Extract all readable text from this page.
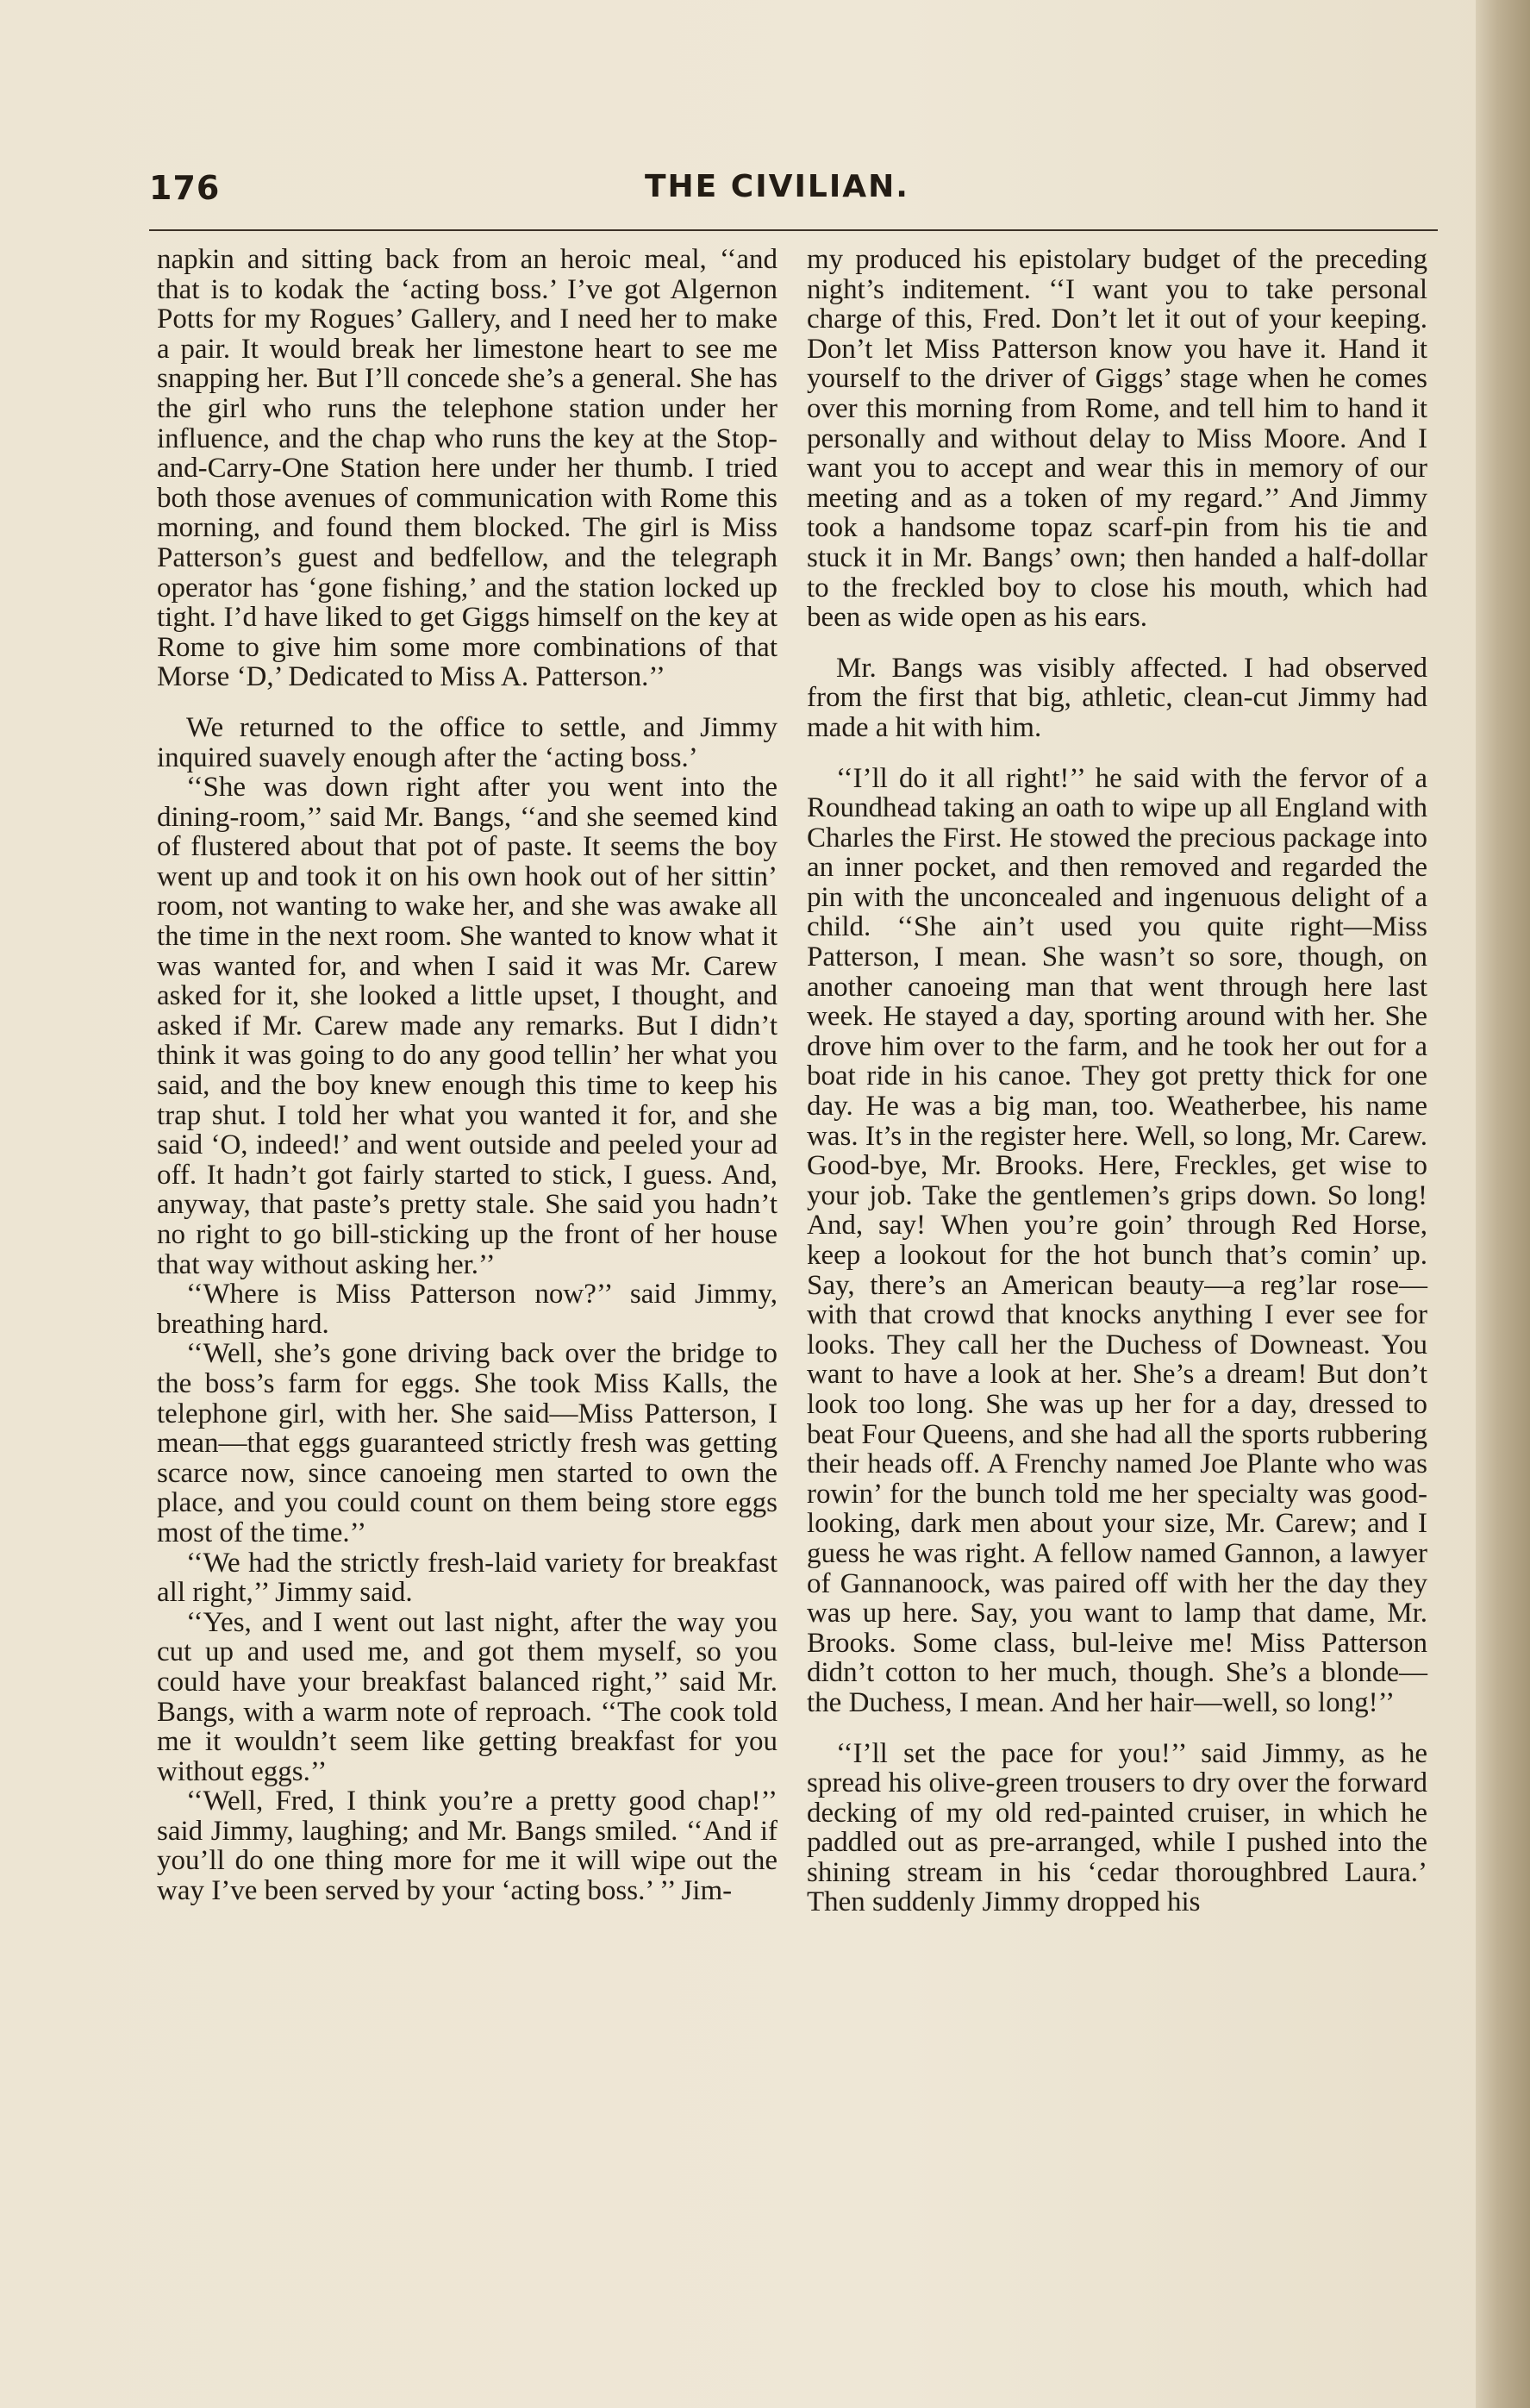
176	THE CIVILIAN.

napkin and sitting back from an heroic meal, ‘‘and that is to kodak the ‘acting boss.’ I’ve got Algernon Potts for my Rogues’ Gallery, and I need her to make a pair. It would break her limestone heart to see me snapping her. But I’ll concede she’s a general. She has the girl who runs the telephone station under her influence, and the chap who runs the key at the Stop-and-Carry-One Station here under her thumb. I tried both those avenues of communication with Rome this morning, and found them blocked. The girl is Miss Patterson’s guest and bedfellow, and the telegraph operator has ‘gone fishing,’ and the station locked up tight. I’d have liked to get Giggs himself on the key at Rome to give him some more combinations of that Morse ‘D,’ Dedicated to Miss A. Patterson.’’

We returned to the office to settle, and Jimmy inquired suavely enough after the ‘acting boss.’

‘‘She was down right after you went into the dining-room,’’ said Mr. Bangs, ‘‘and she seemed kind of flustered about that pot of paste. It seems the boy went up and took it on his own hook out of her sittin’ room, not wanting to wake her, and she was awake all the time in the next room. She wanted to know what it was wanted for, and when I said it was Mr. Carew asked for it, she looked a little upset, I thought, and asked if Mr. Carew made any remarks. But I didn’t think it was going to do any good tellin’ her what you said, and the boy knew enough this time to keep his trap shut. I told her what you wanted it for, and she said ‘O, indeed!’ and went outside and peeled your ad off. It hadn’t got fairly started to stick, I guess. And, anyway, that paste’s pretty stale. She said you hadn’t no right to go bill-sticking up the front of her house that way without asking her.’’

‘‘Where is Miss Patterson now?’’ said Jimmy, breathing hard.

‘‘Well, she’s gone driving back over the bridge to the boss’s farm for eggs. She took Miss Kalls, the telephone girl, with her. She said—Miss Patterson, I mean—that eggs guaranteed strictly fresh was getting scarce now, since canoeing men started to own the place, and you could count on them being store eggs most of the time.’’

‘‘We had the strictly fresh-laid variety for breakfast all right,’’ Jimmy said.

‘‘Yes, and I went out last night, after the way you cut up and used me, and got them myself, so you could have your breakfast balanced right,’’ said Mr. Bangs, with a warm note of reproach. ‘‘The cook told me it wouldn’t seem like getting breakfast for you without eggs.’’

‘‘Well, Fred, I think you’re a pretty good chap!’’ said Jimmy, laughing; and Mr. Bangs smiled. ‘‘And if you’ll do one thing more for me it will wipe out the way I’ve been served by your ‘acting boss.’ ’’ Jim-

my produced his epistolary budget of the preceding night’s inditement. ‘‘I want you to take personal charge of this, Fred. Don’t let it out of your keeping. Don’t let Miss Patterson know you have it. Hand it yourself to the driver of Giggs’ stage when he comes over this morning from Rome, and tell him to hand it personally and without delay to Miss Moore. And I want you to accept and wear this in memory of our meeting and as a token of my regard.’’ And Jimmy took a handsome topaz scarf-pin from his tie and stuck it in Mr. Bangs’ own; then handed a half-dollar to the freckled boy to close his mouth, which had been as wide open as his ears.

Mr. Bangs was visibly affected. I had observed from the first that big, athletic, clean-cut Jimmy had made a hit with him.

‘‘I’ll do it all right!’’ he said with the fervor of a Roundhead taking an oath to wipe up all England with Charles the First. He stowed the precious package into an inner pocket, and then removed and regarded the pin with the unconcealed and ingenuous delight of a child. ‘‘She ain’t used you quite right—Miss Patterson, I mean. She wasn’t so sore, though, on another canoeing man that went through here last week. He stayed a day, sporting around with her. She drove him over to the farm, and he took her out for a boat ride in his canoe. They got pretty thick for one day. He was a big man, too. Weatherbee, his name was. It’s in the register here. Well, so long, Mr. Carew. Good-bye, Mr. Brooks. Here, Freckles, get wise to your job. Take the gentlemen’s grips down. So long! And, say! When you’re goin’ through Red Horse, keep a lookout for the hot bunch that’s comin’ up. Say, there’s an American beauty—a reg’lar rose—with that crowd that knocks anything I ever see for looks. They call her the Duchess of Downeast. You want to have a look at her. She’s a dream! But don’t look too long. She was up her for a day, dressed to beat Four Queens, and she had all the sports rubbering their heads off. A Frenchy named Joe Plante who was rowin’ for the bunch told me her specialty was good-looking, dark men about your size, Mr. Carew; and I guess he was right. A fellow named Gannon, a lawyer of Gannanoock, was paired off with her the day they was up here. Say, you want to lamp that dame, Mr. Brooks. Some class, bul-leive me! Miss Patterson didn’t cotton to her much, though. She’s a blonde—the Duchess, I mean. And her hair—well, so long!’’

‘‘I’ll set the pace for you!’’ said Jimmy, as he spread his olive-green trousers to dry over the forward decking of my old red-painted cruiser, in which he paddled out as pre-arranged, while I pushed into the shining stream in his ‘cedar thoroughbred Laura.’ Then suddenly Jimmy dropped his
